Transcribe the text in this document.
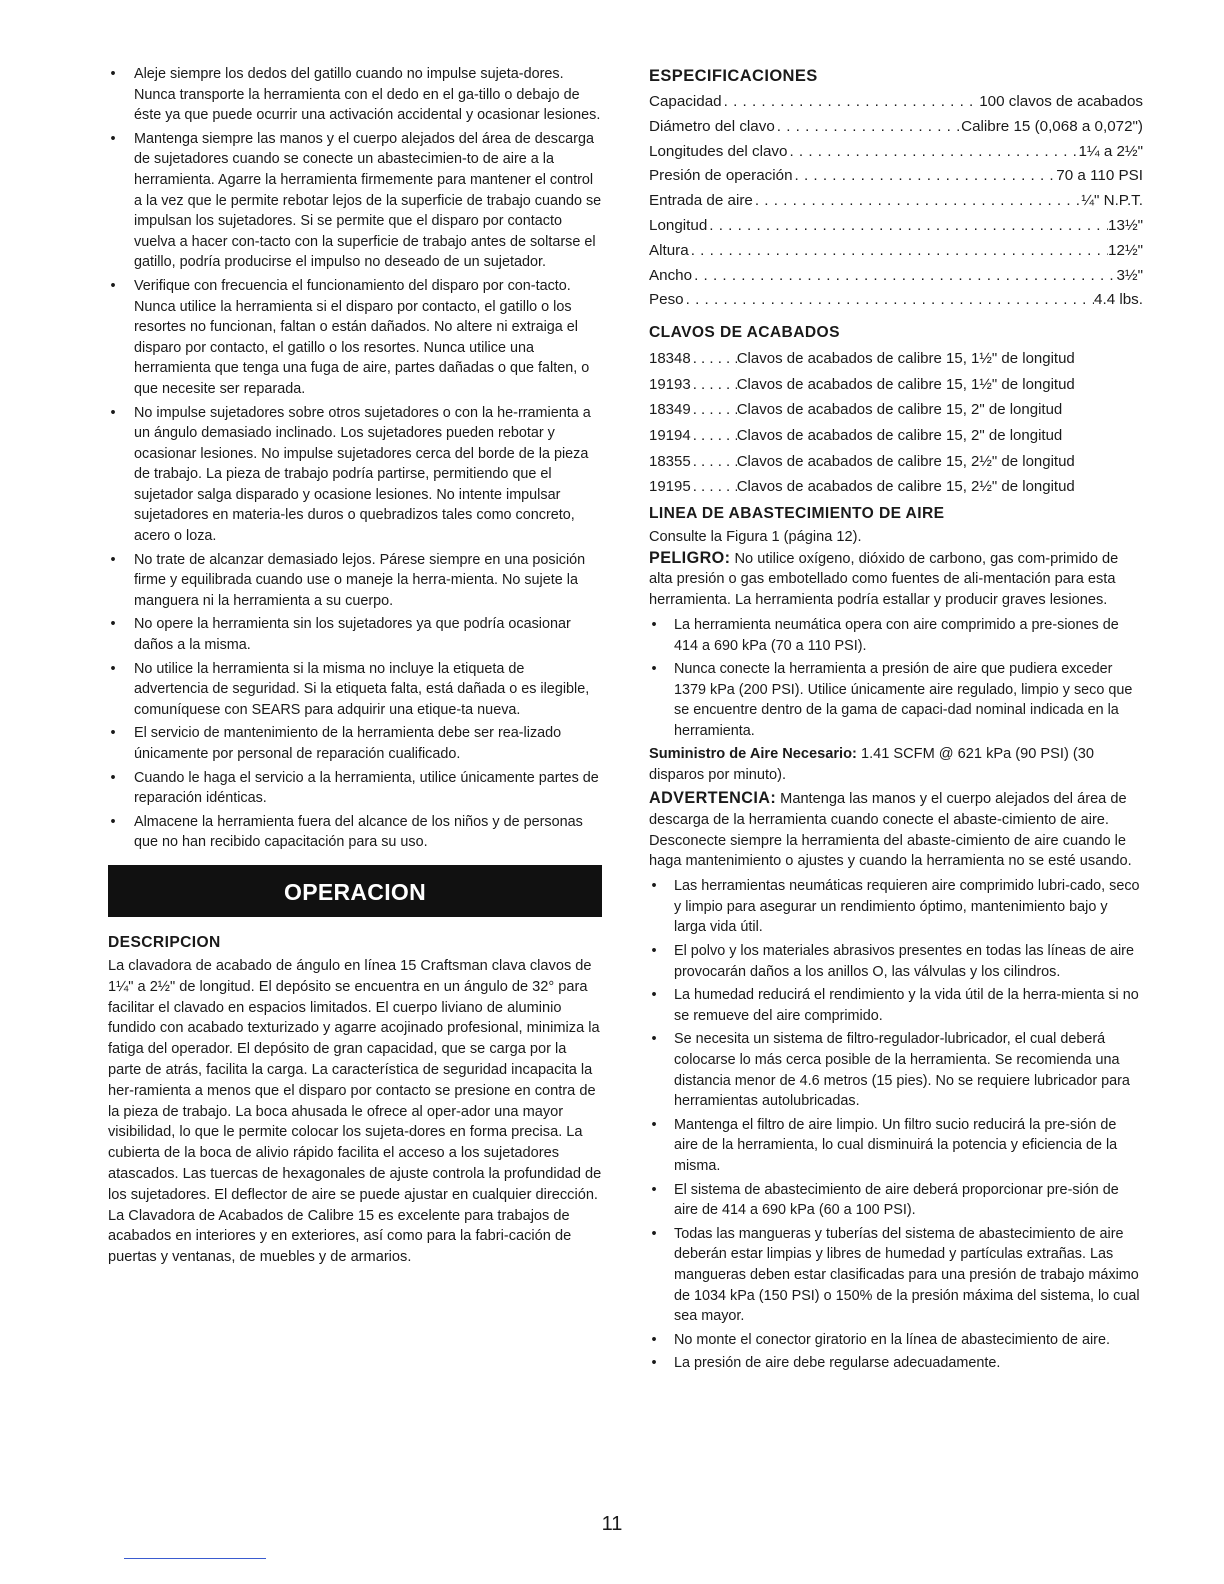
• Aleje siempre los dedos del gatillo cuando no impulse sujeta-dores. Nunca transporte la herramienta con el dedo en el ga-tillo o debajo de éste ya que puede ocurrir una activación accidental y ocasionar lesiones.
• Mantenga siempre las manos y el cuerpo alejados del área de descarga de sujetadores cuando se conecte un abastecimien-to de aire a la herramienta. Agarre la herramienta firmemente para mantener el control a la vez que le permite rebotar lejos de la superficie de trabajo cuando se impulsan los sujetadores. Si se permite que el disparo por contacto vuelva a hacer con-tacto con la superficie de trabajo antes de soltarse el gatillo, podría producirse el impulso no deseado de un sujetador.
• Verifique con frecuencia el funcionamiento del disparo por con-tacto. Nunca utilice la herramienta si el disparo por contacto, el gatillo o los resortes no funcionan, faltan o están dañados. No altere ni extraiga el disparo por contacto, el gatillo o los resortes. Nunca utilice una herramienta que tenga una fuga de aire, partes dañadas o que falten, o que necesite ser reparada.
• No impulse sujetadores sobre otros sujetadores o con la he-rramienta a un ángulo demasiado inclinado. Los sujetadores pueden rebotar y ocasionar lesiones. No impulse sujetadores cerca del borde de la pieza de trabajo. La pieza de trabajo podría partirse, permitiendo que el sujetador salga disparado y ocasione lesiones. No intente impulsar sujetadores en materia-les duros o quebradizos tales como concreto, acero o loza.
• No trate de alcanzar demasiado lejos. Párese siempre en una posición firme y equilibrada cuando use o maneje la herra-mienta. No sujete la manguera ni la herramienta a su cuerpo.
• No opere la herramienta sin los sujetadores ya que podría ocasionar daños a la misma.
• No utilice la herramienta si la misma no incluye la etiqueta de advertencia de seguridad. Si la etiqueta falta, está dañada o es ilegible, comuníquese con SEARS para adquirir una etique-ta nueva.
• El servicio de mantenimiento de la herramienta debe ser rea-lizado únicamente por personal de reparación cualificado.
• Cuando le haga el servicio a la herramienta, utilice únicamente partes de reparación idénticas.
• Almacene la herramienta fuera del alcance de los niños y de personas que no han recibido capacitación para su uso.
OPERACION
DESCRIPCION

La clavadora de acabado de ángulo en línea 15 Craftsman clava clavos de 1¼" a 2½" de longitud. El depósito se encuentra en un ángulo de 32° para facilitar el clavado en espacios limitados. El cuerpo liviano de aluminio fundido con acabado texturizado y agarre acojinado profesional, minimiza la fatiga del operador. El depósito de gran capacidad, que se carga por la parte de atrás, facilita la carga. La característica de seguridad incapacita la her-ramienta a menos que el disparo por contacto se presione en contra de la pieza de trabajo. La boca ahusada le ofrece al oper-ador una mayor visibilidad, lo que le permite colocar los sujeta-dores en forma precisa. La cubierta de la boca de alivio rápido facilita el acceso a los sujetadores atascados. Las tuercas de hexagonales de ajuste controla la profundidad de los sujetadores. El deflector de aire se puede ajustar en cualquier dirección. La Clavadora de Acabados de Calibre 15 es excelente para trabajos de acabados en interiores y en exteriores, así como para la fabri-cación de puertas y ventanas, de muebles y de armarios.

ESPECIFICACIONES
Capacidad . . .	100 clavos de acabados
Diámetro del clavo . . .	Calibre 15 (0,068 a 0,072")
Longitudes del clavo . . .	1¼ a 2½"
Presión de operación . . .	70 a 110 PSI
Entrada de aire . . .	¼" N.P.T.
Longitud . . .	13½"
Altura . . .	12½"
Ancho . . .	3½"
Peso . . .	4.4 lbs.
CLAVOS DE ACABADOS
18348 . . .	Clavos de acabados de calibre 15, 1½" de longitud
19193 . . .	Clavos de acabados de calibre 15, 1½" de longitud
18349 . . .	Clavos de acabados de calibre 15, 2" de longitud
19194 . . .	Clavos de acabados de calibre 15, 2" de longitud
18355 . . .	Clavos de acabados de calibre 15, 2½" de longitud
19195 . . .	Clavos de acabados de calibre 15, 2½" de longitud
LINEA DE ABASTECIMIENTO DE AIRE

Consulte la Figura 1 (página 12).

PELIGRO: No utilice oxígeno, dióxido de carbono, gas com-primido de alta presión o gas embotellado como fuentes de ali-mentación para esta herramienta. La herramienta podría estallar y producir graves lesiones.

• La herramienta neumática opera con aire comprimido a pre-siones de 414 a 690 kPa (70 a 110 PSI).
• Nunca conecte la herramienta a presión de aire que pudiera exceder 1379 kPa (200 PSI). Utilice únicamente aire regulado, limpio y seco que se encuentre dentro de la gama de capaci-dad nominal indicada en la herramienta.

Suministro de Aire Necesario: 1.41 SCFM @ 621 kPa (90 PSI) (30 disparos por minuto).

ADVERTENCIA: Mantenga las manos y el cuerpo alejados del área de descarga de la herramienta cuando conecte el abaste-cimiento de aire. Desconecte siempre la herramienta del abaste-cimiento de aire cuando le haga mantenimiento o ajustes y cuando la herramienta no se esté usando.

• Las herramientas neumáticas requieren aire comprimido lubri-cado, seco y limpio para asegurar un rendimiento óptimo, mantenimiento bajo y larga vida útil.
• El polvo y los materiales abrasivos presentes en todas las líneas de aire provocarán daños a los anillos O, las válvulas y los cilindros.
• La humedad reducirá el rendimiento y la vida útil de la herra-mienta si no se remueve del aire comprimido.
• Se necesita un sistema de filtro-regulador-lubricador, el cual deberá colocarse lo más cerca posible de la herramienta. Se recomienda una distancia menor de 4.6 metros (15 pies). No se requiere lubricador para herramientas autolubricadas.
• Mantenga el filtro de aire limpio. Un filtro sucio reducirá la pre-sión de aire de la herramienta, lo cual disminuirá la potencia y eficiencia de la misma.
• El sistema de abastecimiento de aire deberá proporcionar pre-sión de aire de 414 a 690 kPa (60 a 100 PSI).
• Todas las mangueras y tuberías del sistema de abastecimiento de aire deberán estar limpias y libres de humedad y partículas extrañas. Las mangueras deben estar clasificadas para una presión de trabajo máximo de 1034 kPa (150 PSI) o 150% de la presión máxima del sistema, lo cual sea mayor.
• No monte el conector giratorio en la línea de abastecimiento de aire.
• La presión de aire debe regularse adecuadamente.
11
